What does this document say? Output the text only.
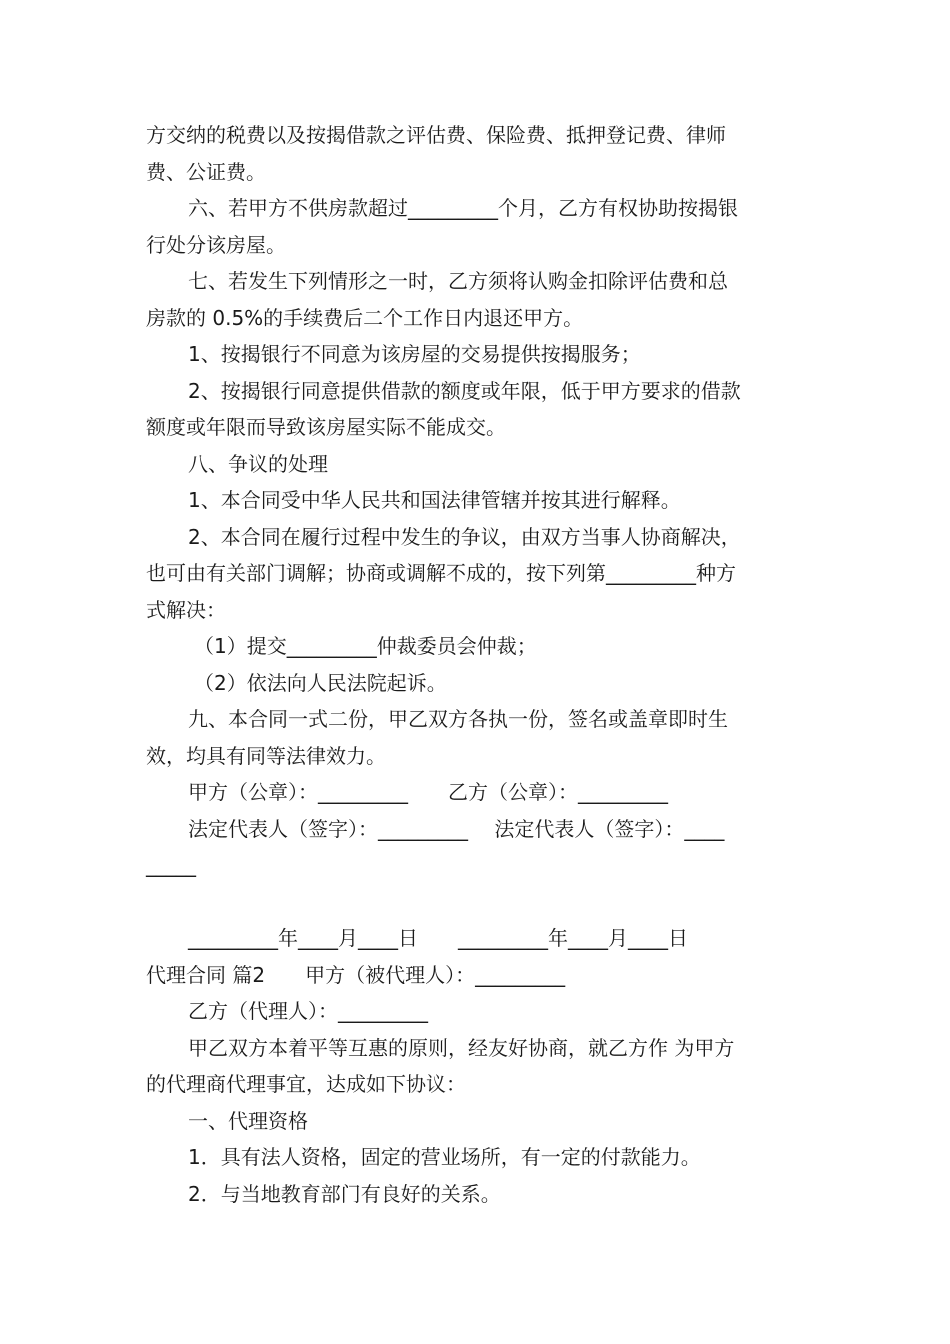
方交纳的税费以及按揭借款之评估费、保险费、抵押登记费、律师
费、公证费。
六、若甲方不供房款超过_________个月，乙方有权协助按揭银
行处分该房屋。
七、若发生下列情形之一时，乙方须将认购金扣除评估费和总
房款的 0.5%的手续费后二个工作日内退还甲方。
1、按揭银行不同意为该房屋的交易提供按揭服务；
2、按揭银行同意提供借款的额度或年限，低于甲方要求的借款
额度或年限而导致该房屋实际不能成交。
八、争议的处理
1、本合同受中华人民共和国法律管辖并按其进行解释。
2、本合同在履行过程中发生的争议，由双方当事人协商解决，
也可由有关部门调解；协商或调解不成的，按下列第_________种方
式解决：
（1）提交_________仲裁委员会仲裁；
（2）依法向人民法院起诉。
九、本合同一式二份，甲乙双方各执一份，签名或盖章即时生
效，均具有同等法律效力。
甲方（公章）：_________　　乙方（公章）：_________
法定代表人（签字）：_________　 法定代表人（签字）：____
_____
_________年____月____日　　_________年____月____日
代理合同 篇2　　甲方（被代理人）：_________
乙方（代理人）：_________
甲乙双方本着平等互惠的原则，经友好协商，就乙方作 为甲方
的代理商代理事宜，达成如下协议：
一、代理资格
1．具有法人资格，固定的营业场所，有一定的付款能力。
2．与当地教育部门有良好的关系。
